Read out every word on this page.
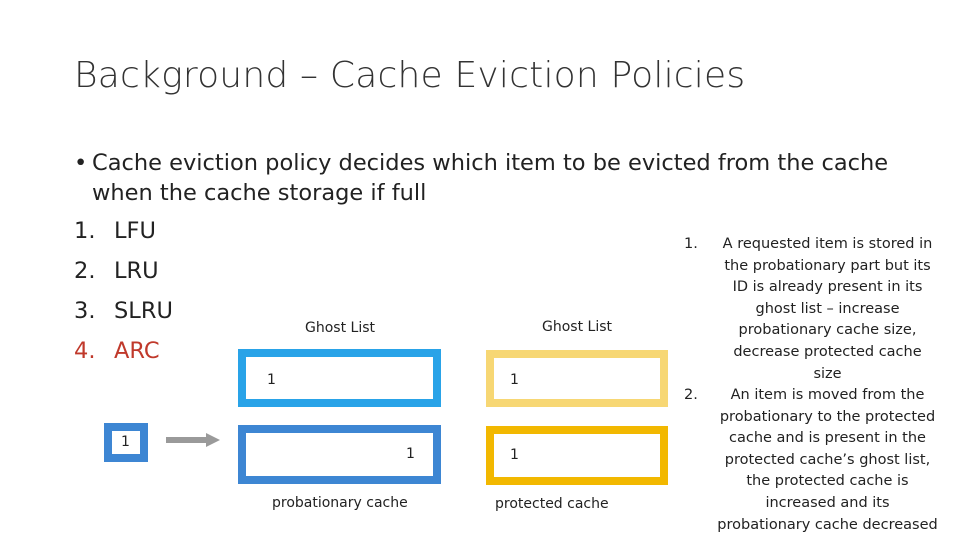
Background – Cache Eviction Policies
• Cache eviction policy decides which item to be evicted from the cache
when the cache storage if full
1. LFU
2. LRU
3. SLRU
4. ARC
Ghost List	Ghost List
1	1
1	1
probationary cache	protected cache
1
1.	A requested item is stored in
the probationary part but its
ID is already present in its
ghost list – increase
probationary cache size,
decrease protected cache
size
2.	An item is moved from the
probationary to the protected
cache and is present in the
protected cache’s ghost list,
the protected cache is
increased and its
probationary cache decreased
